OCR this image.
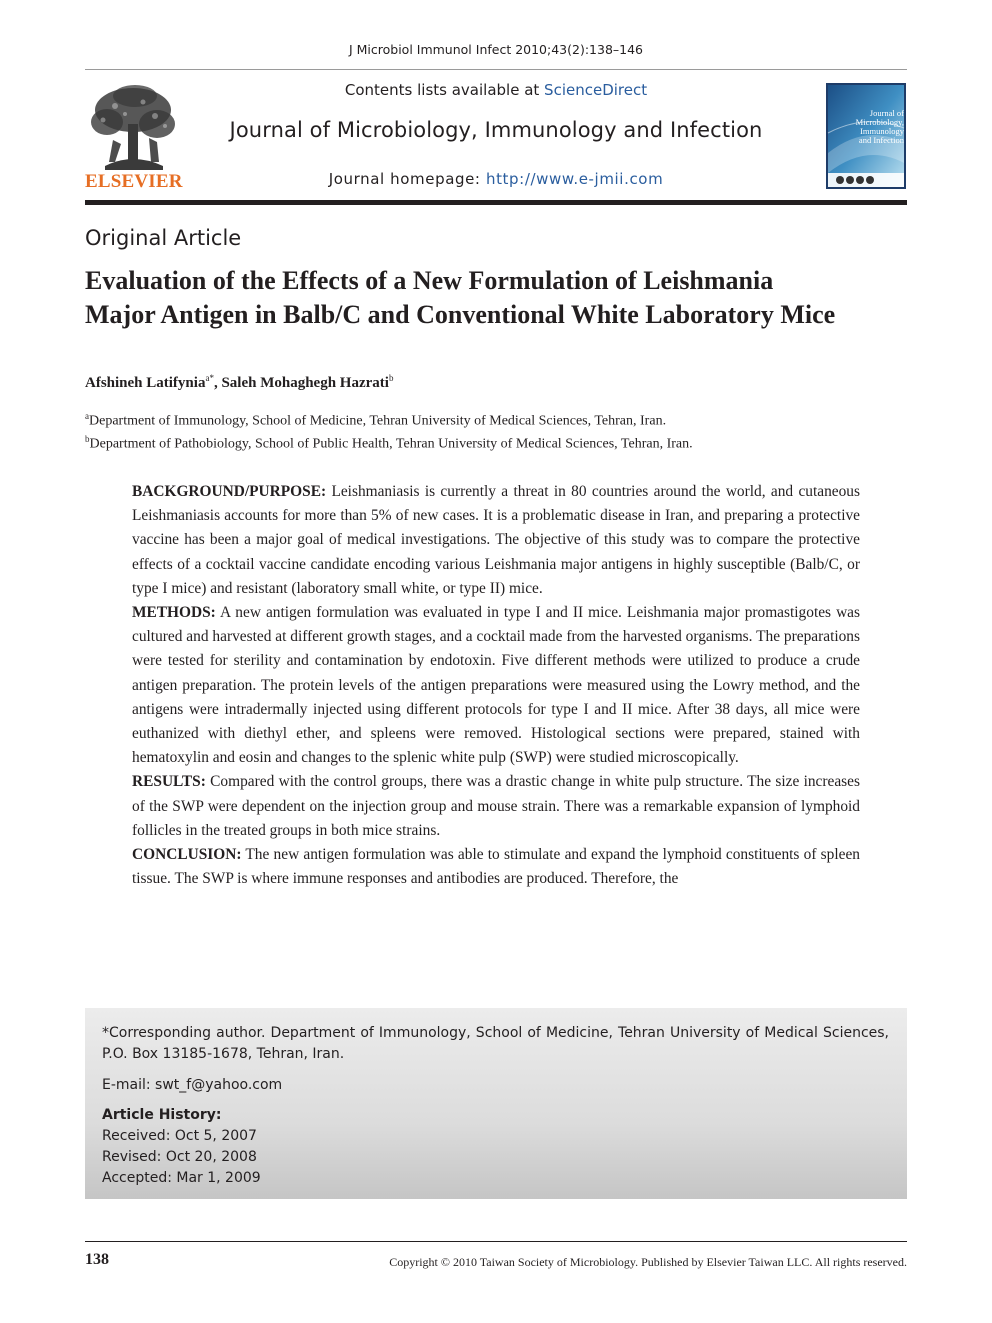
J Microbiol Immunol Infect 2010;43(2):138–146
Contents lists available at ScienceDirect
Journal of Microbiology, Immunology and Infection
Journal homepage: http://www.e-jmii.com
ELSEVIER
Journal of Microbiology, Immunology and Infection
Original Article
Evaluation of the Effects of a New Formulation of Leishmania Major Antigen in Balb/C and Conventional White Laboratory Mice
Afshineh Latifynia$^{a*}$, Saleh Mohaghegh Hazrati$^b$
$^a$Department of Immunology, School of Medicine, Tehran University of Medical Sciences, Tehran, Iran.
$^b$Department of Pathobiology, School of Public Health, Tehran University of Medical Sciences, Tehran, Iran.

BACKGROUND/PURPOSE: Leishmaniasis is currently a threat in 80 countries around the world, and cutaneous Leishmaniasis accounts for more than 5% of new cases. It is a problematic disease in Iran, and preparing a protective vaccine has been a major goal of medical investigations. The objective of this study was to compare the protective effects of a cocktail vaccine candidate encoding various Leishmania major antigens in highly susceptible (Balb/C, or type I mice) and resistant (laboratory small white, or type II) mice.

METHODS: A new antigen formulation was evaluated in type I and II mice. Leishmania major promastigotes was cultured and harvested at different growth stages, and a cocktail made from the harvested organisms. The preparations were tested for sterility and contamination by endotoxin. Five different methods were utilized to produce a crude antigen preparation. The protein levels of the antigen preparations were measured using the Lowry method, and the antigens were intradermally injected using different protocols for type I and II mice. After 38 days, all mice were euthanized with diethyl ether, and spleens were removed. Histological sections were prepared, stained with hematoxylin and eosin and changes to the splenic white pulp (SWP) were studied microscopically.

RESULTS: Compared with the control groups, there was a drastic change in white pulp structure. The size increases of the SWP were dependent on the injection group and mouse strain. There was a remarkable expansion of lymphoid follicles in the treated groups in both mice strains.

CONCLUSION: The new antigen formulation was able to stimulate and expand the lymphoid constituents of spleen tissue. The SWP is where immune responses and antibodies are produced. Therefore, the

*Corresponding author. Department of Immunology, School of Medicine, Tehran University of Medical Sciences, P.O. Box 13185-1678, Tehran, Iran.

E-mail: swt_f@yahoo.com

Article History:

Received: Oct 5, 2007

Revised: Oct 20, 2008

Accepted: Mar 1, 2009

138	Copyright © 2010 Taiwan Society of Microbiology. Published by Elsevier Taiwan LLC. All rights reserved.
